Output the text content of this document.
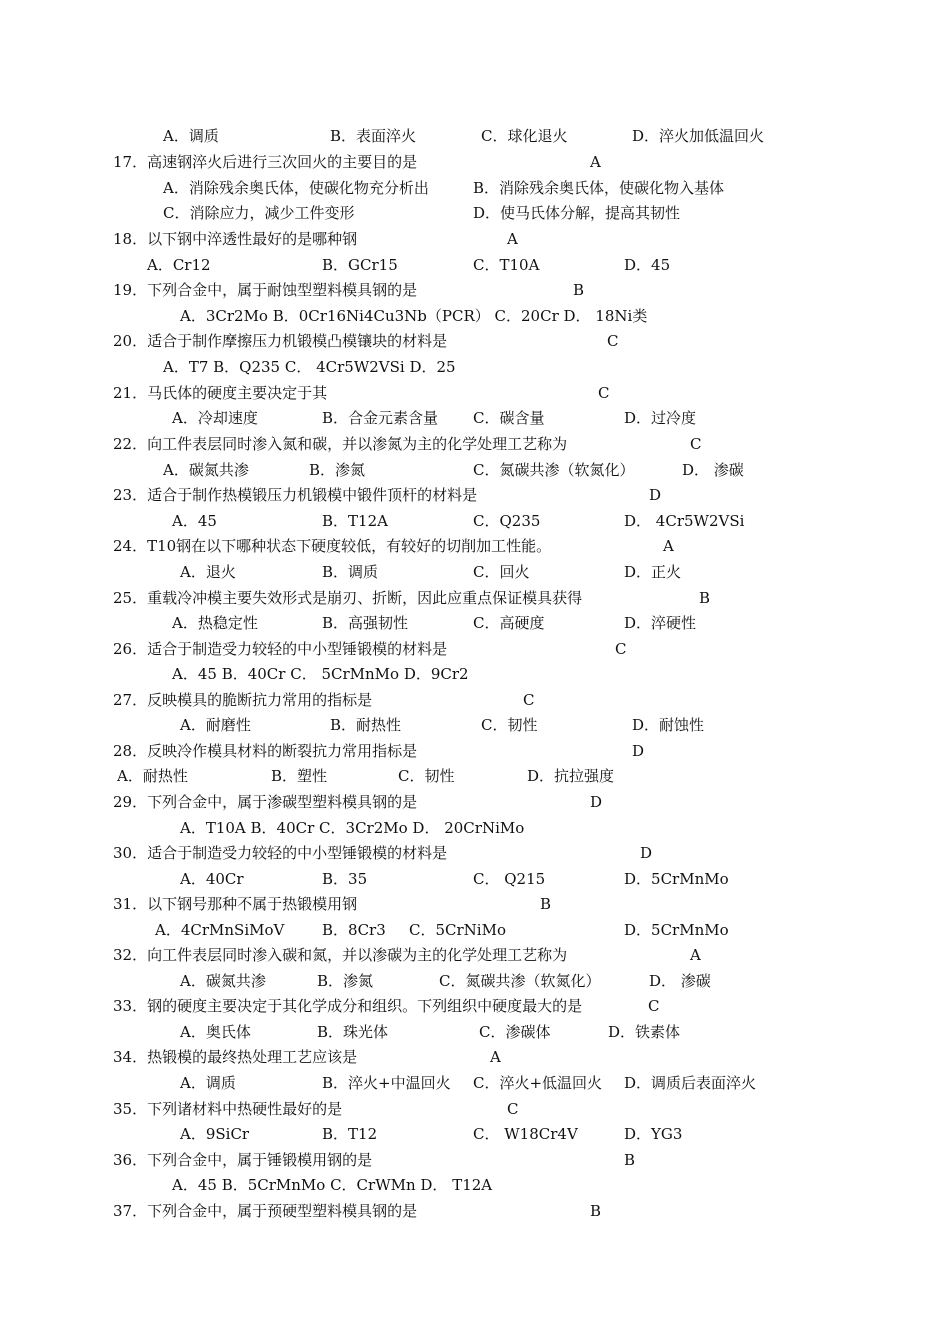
A．调质	B．表面淬火	C．球化退火	D．淬火加低温回火
17．高速钢淬火后进行三次回火的主要目的是	A
A．消除残余奥氏体，使碳化物充分析出	B．消除残余奥氏体，使碳化物入基体
C．消除应力，减少工件变形	D．使马氏体分解，提高其韧性
18．以下钢中淬透性最好的是哪种钢	A
A．Cr12	B．GCr15	C．T10A	D．45
19．下列合金中，属于耐蚀型塑料模具钢的是	B
A．3Cr2Mo B．0Cr16Ni4Cu3Nb（PCR） C．20Cr D． 18Ni类
20．适合于制作摩擦压力机锻模凸模镶块的材料是	C
A．T7 B．Q235 C． 4Cr5W2VSi D．25
21．马氏体的硬度主要决定于其	C
A．冷却速度	B．合金元素含量 C．碳含量	D．过冷度
22．向工件表层同时渗入氮和碳，并以渗氮为主的化学处理工艺称为	C
A．碳氮共渗	B．渗氮	C．氮碳共渗（软氮化）	D． 渗碳
23．适合于制作热模锻压力机锻模中锻件顶杆的材料是	D
A．45	B．T12A	C．Q235	D． 4Cr5W2VSi
24．T10钢在以下哪种状态下硬度较低，有较好的切削加工性能。	A
A．退火	B．调质	C．回火	D．正火
25．重载冷冲模主要失效形式是崩刃、折断，因此应重点保证模具获得	B
A．热稳定性	B．高强韧性	C．高硬度	D．淬硬性
26．适合于制造受力较轻的中小型锤锻模的材料是	C
A．45 B．40Cr C． 5CrMnMo D．9Cr2
27．反映模具的脆断抗力常用的指标是	C
A．耐磨性	B．耐热性	C．韧性	D．耐蚀性
28．反映冷作模具材料的断裂抗力常用指标是	D
A．耐热性	B．塑性	C．韧性	D．抗拉强度
29．下列合金中，属于渗碳型塑料模具钢的是	D
A．T10A B．40Cr C．3Cr2Mo D． 20CrNiMo
30．适合于制造受力较轻的中小型锤锻模的材料是	D
A．40Cr	B．35	C． Q215	D．5CrMnMo
31．以下钢号那种不属于热锻模用钢	B
A．4CrMnSiMoV	B．8Cr3 C．5CrNiMo	D．5CrMnMo
32．向工件表层同时渗入碳和氮，并以渗碳为主的化学处理工艺称为	A
A．碳氮共渗	B．渗氮	C．氮碳共渗（软氮化）	D． 渗碳
33．钢的硬度主要决定于其化学成分和组织。下列组织中硬度最大的是	C
A．奥氏体	B．珠光体	C．渗碳体	D．铁素体
34．热锻模的最终热处理工艺应该是	A
A．调质	B．淬火+中温回火 C．淬火+低温回火 D．调质后表面淬火
35．下列诸材料中热硬性最好的是	C
A．9SiCr	B．T12	C． W18Cr4V	D．YG3
36．下列合金中，属于锤锻模用钢的是	B
A．45 B．5CrMnMo C．CrWMn D． T12A
37．下列合金中，属于预硬型塑料模具钢的是	B
